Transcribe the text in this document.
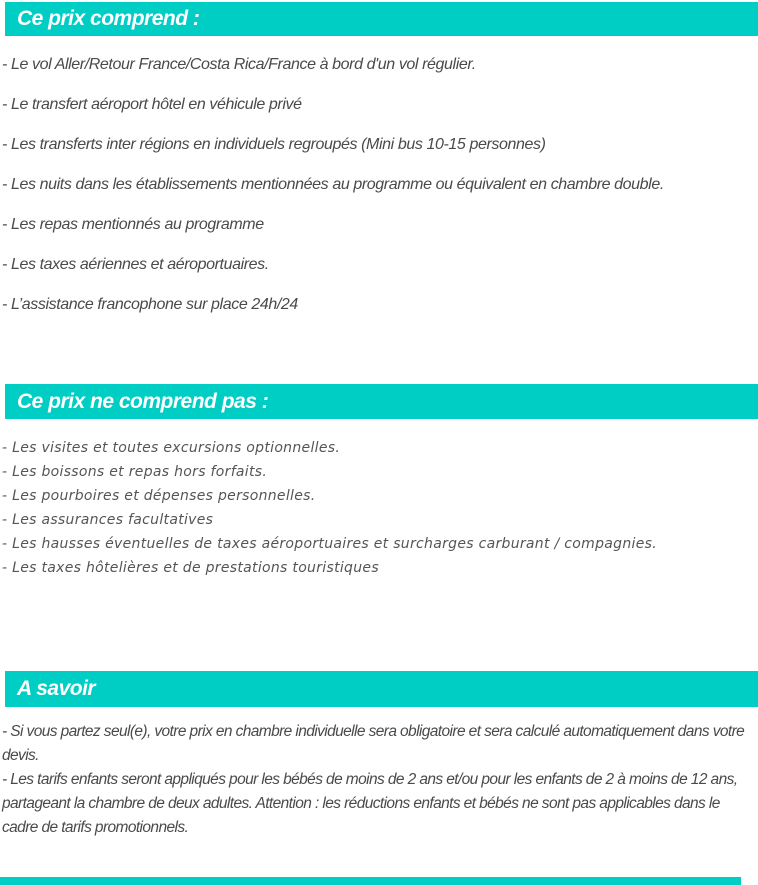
Ce prix comprend :

- Le vol Aller/Retour France/Costa Rica/France à bord d'un vol régulier.

- Le transfert aéroport hôtel en véhicule privé

- Les transferts inter régions en individuels regroupés (Mini bus 10-15 personnes)

- Les nuits dans les établissements mentionnées au programme ou équivalent en chambre double.

- Les repas mentionnés au programme

- Les taxes aériennes et aéroportuaires.

- L’assistance francophone sur place 24h/24

Ce prix ne comprend pas :

- Les visites et toutes excursions optionnelles.

- Les boissons et repas hors forfaits.

- Les pourboires et dépenses personnelles.

- Les assurances facultatives

- Les hausses éventuelles de taxes aéroportuaires et surcharges carburant / compagnies.

- Les taxes hôtelières et de prestations touristiques

A savoir

- Si vous partez seul(e), votre prix en chambre individuelle sera obligatoire et sera calculé automatiquement dans votre devis.

- Les tarifs enfants seront appliqués pour les bébés de moins de 2 ans et/ou pour les enfants de 2 à moins de 12 ans, partageant la chambre de deux adultes. Attention : les réductions enfants et bébés ne sont pas applicables dans le cadre de tarifs promotionnels.
